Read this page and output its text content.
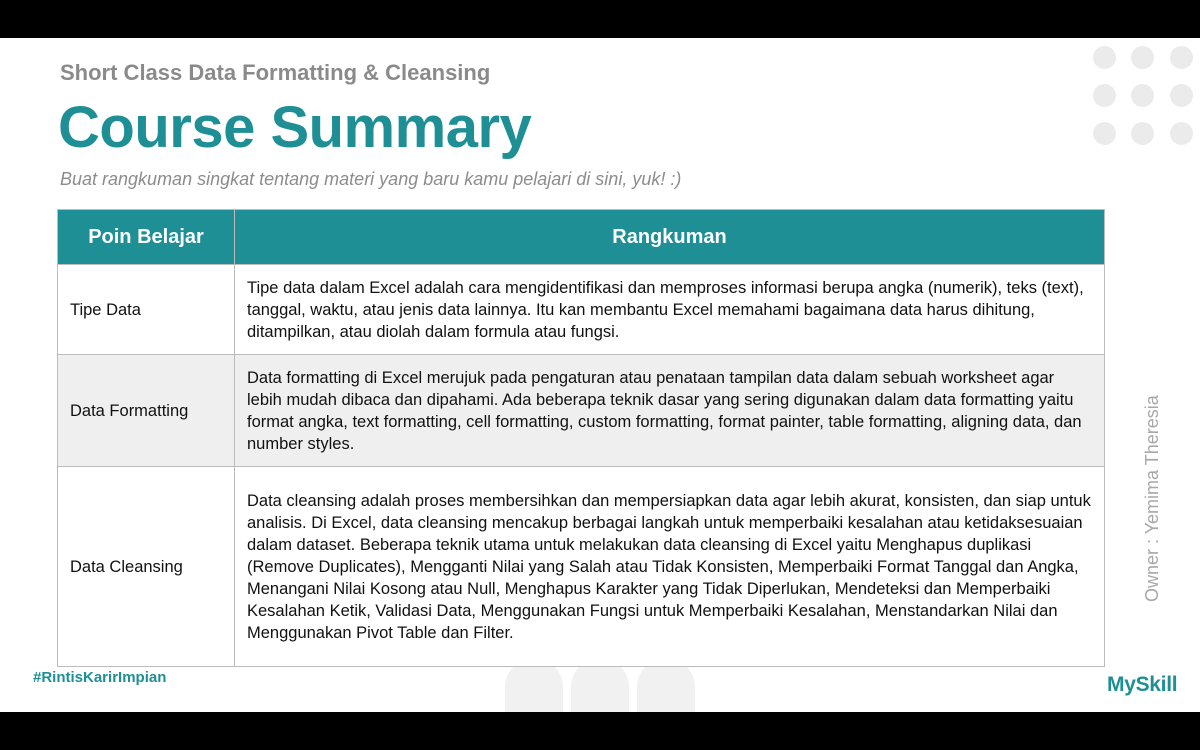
Short Class Data Formatting & Cleansing
Course Summary
Buat rangkuman singkat tentang materi yang baru kamu pelajari di sini, yuk! :)
Poin Belajar	Rangkuman
Tipe Data	Tipe data dalam Excel adalah cara mengidentifikasi dan memproses informasi berupa angka (numerik), teks (text), tanggal, waktu, atau jenis data lainnya. Itu kan membantu Excel memahami bagaimana data harus dihitung, ditampilkan, atau diolah dalam formula atau fungsi.
Data Formatting	Data formatting di Excel merujuk pada pengaturan atau penataan tampilan data dalam sebuah worksheet agar lebih mudah dibaca dan dipahami. Ada beberapa teknik dasar yang sering digunakan dalam data formatting yaitu format angka, text formatting, cell formatting, custom formatting, format painter, table formatting, aligning data, dan number styles.
Data Cleansing	Data cleansing adalah proses membersihkan dan mempersiapkan data agar lebih akurat, konsisten, dan siap untuk analisis. Di Excel, data cleansing mencakup berbagai langkah untuk memperbaiki kesalahan atau ketidaksesuaian dalam dataset. Beberapa teknik utama untuk melakukan data cleansing di Excel yaitu Menghapus duplikasi (Remove Duplicates), Mengganti Nilai yang Salah atau Tidak Konsisten, Memperbaiki Format Tanggal dan Angka, Menangani Nilai Kosong atau Null, Menghapus Karakter yang Tidak Diperlukan, Mendeteksi dan Memperbaiki Kesalahan Ketik, Validasi Data, Menggunakan Fungsi untuk Memperbaiki Kesalahan, Menstandarkan Nilai dan Menggunakan Pivot Table dan Filter.
Owner : Yemima Theresia
#RintisKarirImpian	MySkill
